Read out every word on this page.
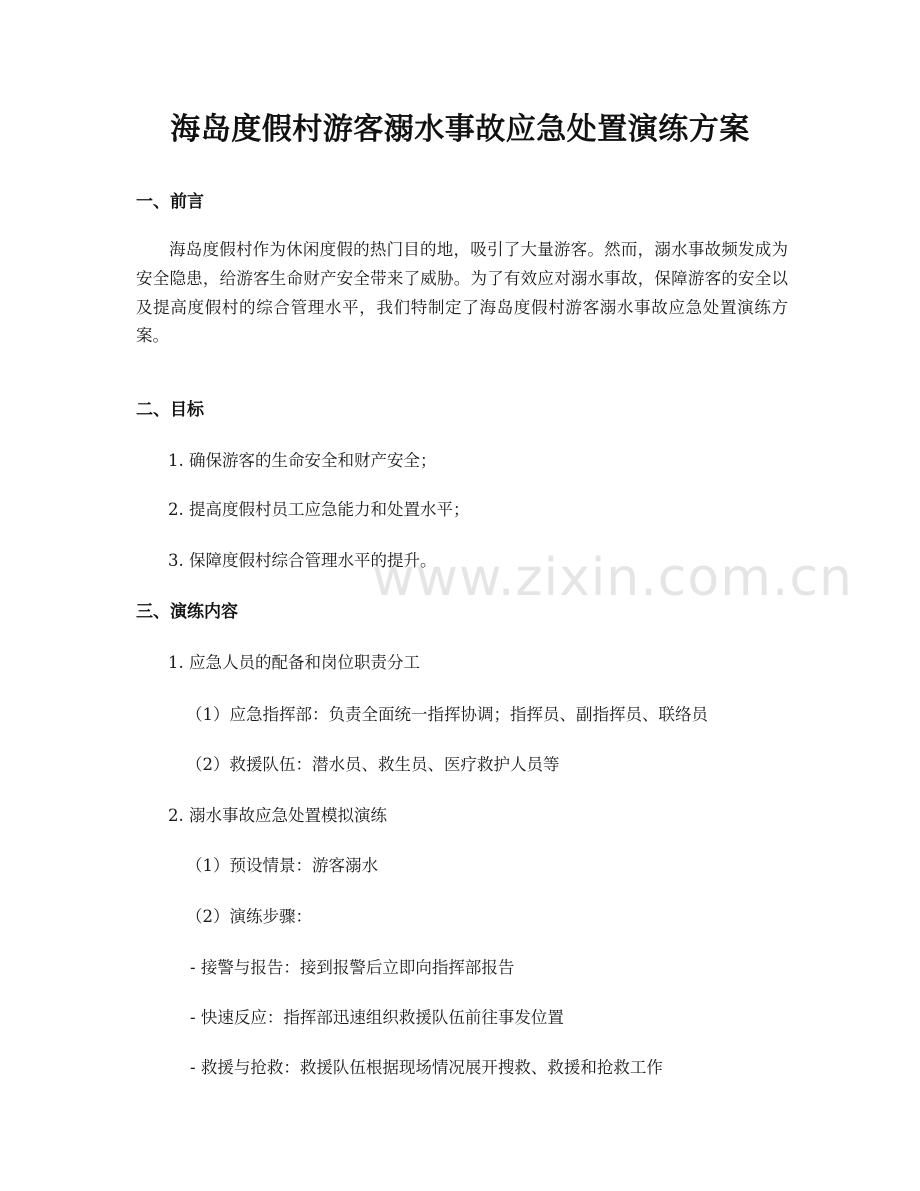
海岛度假村游客溺水事故应急处置演练方案
一、前言
海岛度假村作为休闲度假的热门目的地，吸引了大量游客。然而，溺水事故频发成为安全隐患，给游客生命财产安全带来了威胁。为了有效应对溺水事故，保障游客的安全以及提高度假村的综合管理水平，我们特制定了海岛度假村游客溺水事故应急处置演练方案。
二、目标
1. 确保游客的生命安全和财产安全；
2. 提高度假村员工应急能力和处置水平；
3. 保障度假村综合管理水平的提升。
三、演练内容
1. 应急人员的配备和岗位职责分工
（1）应急指挥部：负责全面统一指挥协调；指挥员、副指挥员、联络员
（2）救援队伍：潜水员、救生员、医疗救护人员等
2. 溺水事故应急处置模拟演练
（1）预设情景：游客溺水
（2）演练步骤：
- 接警与报告：接到报警后立即向指挥部报告
- 快速反应：指挥部迅速组织救援队伍前往事发位置
- 救援与抢救：救援队伍根据现场情况展开搜救、救援和抢救工作
www.zixin.com.cn
